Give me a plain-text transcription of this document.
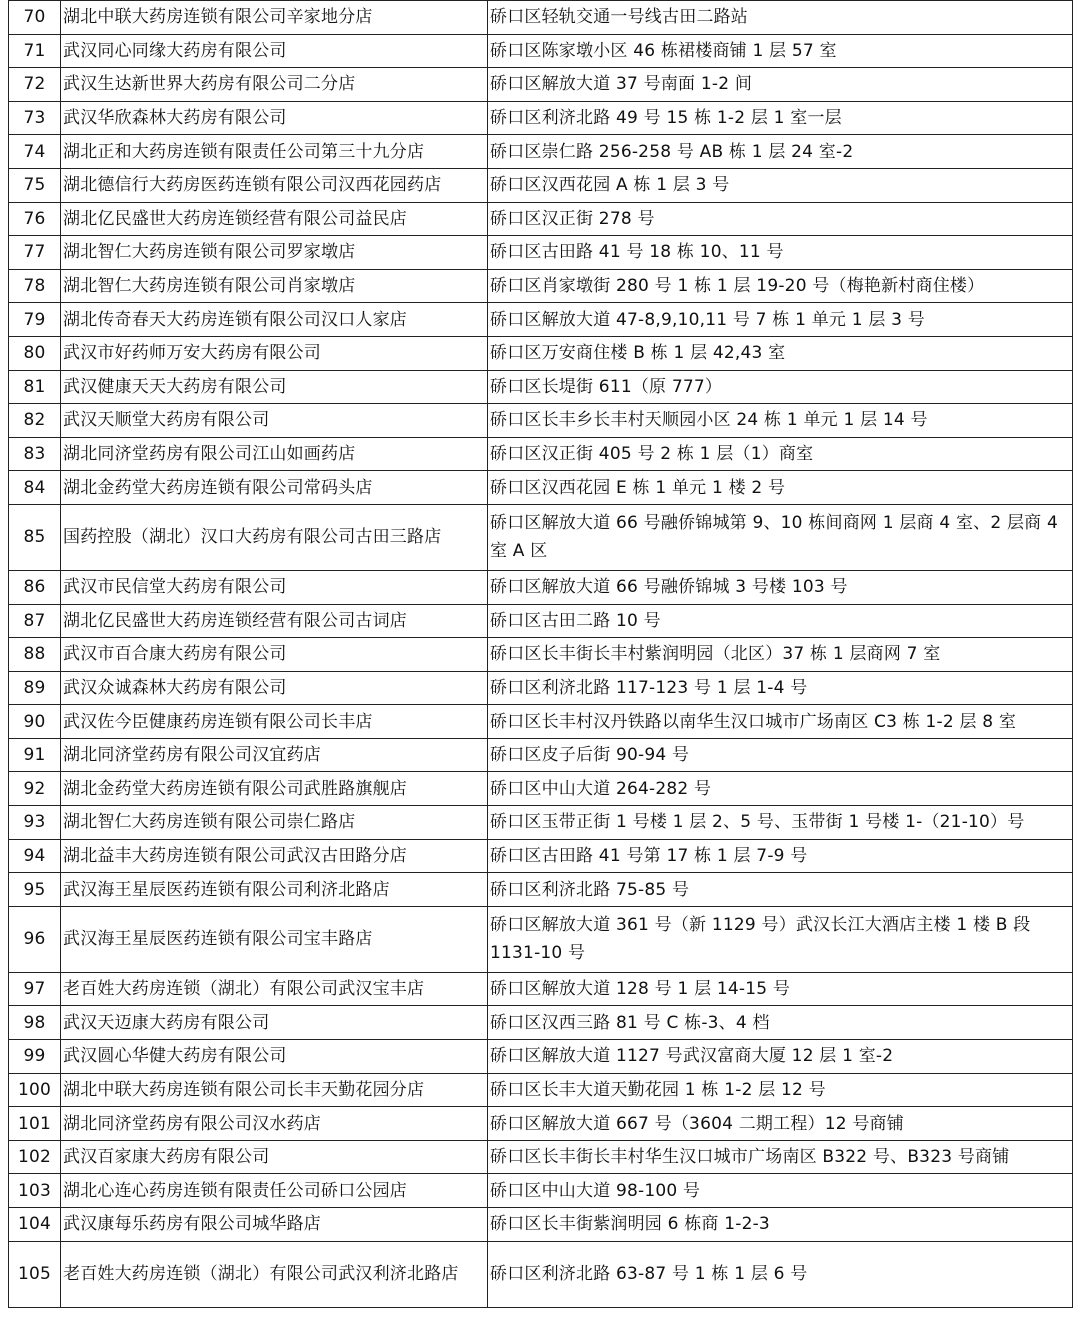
70	湖北中联大药房连锁有限公司辛家地分店	硚口区轻轨交通一号线古田二路站
71	武汉同心同缘大药房有限公司	硚口区陈家墩小区 46 栋裙楼商铺 1 层 57 室
72	武汉生达新世界大药房有限公司二分店	硚口区解放大道 37 号南面 1-2 间
73	武汉华欣森林大药房有限公司	硚口区利济北路 49 号 15 栋 1-2 层 1 室一层
74	湖北正和大药房连锁有限责任公司第三十九分店	硚口区崇仁路 256-258 号 AB 栋 1 层 24 室-2
75	湖北德信行大药房医药连锁有限公司汉西花园药店	硚口区汉西花园 A 栋 1 层 3 号
76	湖北亿民盛世大药房连锁经营有限公司益民店	硚口区汉正街 278 号
77	湖北智仁大药房连锁有限公司罗家墩店	硚口区古田路 41 号 18 栋 10、11 号
78	湖北智仁大药房连锁有限公司肖家墩店	硚口区肖家墩街 280 号 1 栋 1 层 19-20 号（梅艳新村商住楼）
79	湖北传奇春天大药房连锁有限公司汉口人家店	硚口区解放大道 47-8,9,10,11 号 7 栋 1 单元 1 层 3 号
80	武汉市好药师万安大药房有限公司	硚口区万安商住楼 B 栋 1 层 42,43 室
81	武汉健康天天大药房有限公司	硚口区长堤街 611（原 777）
82	武汉天顺堂大药房有限公司	硚口区长丰乡长丰村天顺园小区 24 栋 1 单元 1 层 14 号
83	湖北同济堂药房有限公司江山如画药店	硚口区汉正街 405 号 2 栋 1 层（1）商室
84	湖北金药堂大药房连锁有限公司常码头店	硚口区汉西花园 E 栋 1 单元 1 楼 2 号
85	国药控股（湖北）汉口大药房有限公司古田三路店	硚口区解放大道 66 号融侨锦城第 9、10 栋间商网 1 层商 4 室、2 层商 4 室 A 区
86	武汉市民信堂大药房有限公司	硚口区解放大道 66 号融侨锦城 3 号楼 103 号
87	湖北亿民盛世大药房连锁经营有限公司古词店	硚口区古田二路 10 号
88	武汉市百合康大药房有限公司	硚口区长丰街长丰村紫润明园（北区）37 栋 1 层商网 7 室
89	武汉众诚森林大药房有限公司	硚口区利济北路 117-123 号 1 层 1-4 号
90	武汉佐今臣健康药房连锁有限公司长丰店	硚口区长丰村汉丹铁路以南华生汉口城市广场南区 C3 栋 1-2 层 8 室
91	湖北同济堂药房有限公司汉宜药店	硚口区皮子后街 90-94 号
92	湖北金药堂大药房连锁有限公司武胜路旗舰店	硚口区中山大道 264-282 号
93	湖北智仁大药房连锁有限公司崇仁路店	硚口区玉带正街 1 号楼 1 层 2、5 号、玉带街 1 号楼 1-（21-10）号
94	湖北益丰大药房连锁有限公司武汉古田路分店	硚口区古田路 41 号第 17 栋 1 层 7-9 号
95	武汉海王星辰医药连锁有限公司利济北路店	硚口区利济北路 75-85 号
96	武汉海王星辰医药连锁有限公司宝丰路店	硚口区解放大道 361 号（新 1129 号）武汉长江大酒店主楼 1 楼 B 段 1131-10 号
97	老百姓大药房连锁（湖北）有限公司武汉宝丰店	硚口区解放大道 128 号 1 层 14-15 号
98	武汉天迈康大药房有限公司	硚口区汉西三路 81 号 C 栋-3、4 档
99	武汉圆心华健大药房有限公司	硚口区解放大道 1127 号武汉富商大厦 12 层 1 室-2
100	湖北中联大药房连锁有限公司长丰天勤花园分店	硚口区长丰大道天勤花园 1 栋 1-2 层 12 号
101	湖北同济堂药房有限公司汉水药店	硚口区解放大道 667 号（3604 二期工程）12 号商铺
102	武汉百家康大药房有限公司	硚口区长丰街长丰村华生汉口城市广场南区 B322 号、B323 号商铺
103	湖北心连心药房连锁有限责任公司硚口公园店	硚口区中山大道 98-100 号
104	武汉康每乐药房有限公司城华路店	硚口区长丰街紫润明园 6 栋商 1-2-3
105	老百姓大药房连锁（湖北）有限公司武汉利济北路店	硚口区利济北路 63-87 号 1 栋 1 层 6 号
